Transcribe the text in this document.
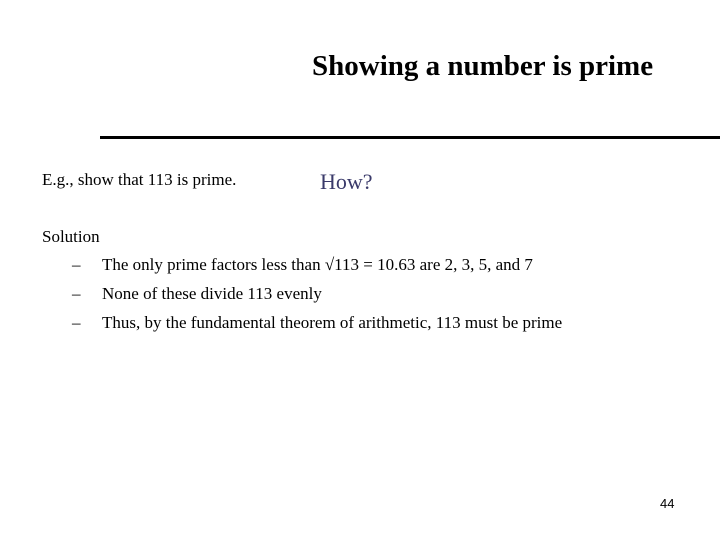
Showing a number is prime
E.g., show that 113 is prime.	How?
Solution
–	The only prime factors less than √113 = 10.63 are 2, 3, 5, and 7
–	None of these divide 113 evenly
–	Thus, by the fundamental theorem of arithmetic, 113 must be prime
44
